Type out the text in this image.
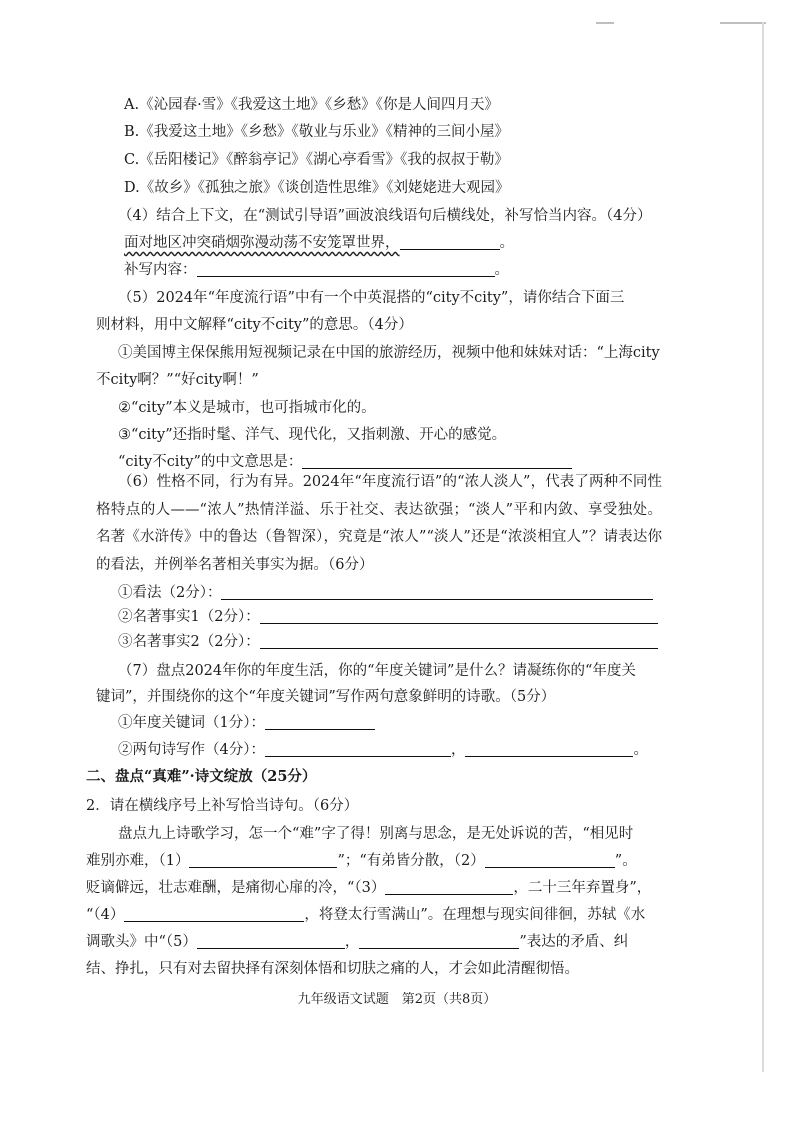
A.《沁园春·雪》《我爱这土地》《乡愁》《你是人间四月天》
B.《我爱这土地》《乡愁》《敬业与乐业》《精神的三间小屋》
C.《岳阳楼记》《醉翁亭记》《湖心亭看雪》《我的叔叔于勒》
D.《故乡》《孤独之旅》《谈创造性思维》《刘姥姥进大观园》
（4）结合上下文，在“测试引导语”画波浪线语句后横线处，补写恰当内容。（4分）
面对地区冲突硝烟弥漫动荡不安笼罩世界，	。
补写内容：	。
（5）2024年“年度流行语”中有一个中英混搭的“city不city”，请你结合下面三
则材料，用中文解释“city不city”的意思。（4分）
①美国博主保保熊用短视频记录在中国的旅游经历，视频中他和妹妹对话：“上海city
不city啊？”“好city啊！”
②“city”本义是城市，也可指城市化的。
③“city”还指时髦、洋气、现代化，又指刺激、开心的感觉。
“city不city”的中文意思是：
（6）性格不同，行为有异。2024年“年度流行语”的“浓人淡人”，代表了两种不同性格特点的人——“浓人”热情洋溢、乐于社交、表达欲强；“淡人”平和内敛、享受独处。名著《水浒传》中的鲁达（鲁智深），究竟是“浓人”“淡人”还是“浓淡相宜人”？请表达你的看法，并例举名著相关事实为据。（6分）
①看法（2分）：
②名著事实1（2分）：
③名著事实2（2分）：
（7）盘点2024年你的年度生活，你的“年度关键词”是什么？请凝练你的“年度关
键词”，并围绕你的这个“年度关键词”写作两句意象鲜明的诗歌。（5分）
①年度关键词（1分）：
②两句诗写作（4分）：	，	。
二、盘点“真难”·诗文绽放（25分）
2．请在横线序号上补写恰当诗句。（6分）
盘点九上诗歌学习，怎一个“难”字了得！别离与思念，是无处诉说的苦，“相见时
难别亦难，（1）	”；“有弟皆分散，（2）	”。
贬谪僻远，壮志难酬，是痛彻心扉的冷，“（3）	，二十三年弃置身”，
“（4）	，将登太行雪满山”。在理想与现实间徘徊，苏轼《水
调歌头》中“（5）	，	”表达的矛盾、纠
结、挣扎，只有对去留抉择有深刻体悟和切肤之痛的人，才会如此清醒彻悟。
九年级语文试题　第2页（共8页）
